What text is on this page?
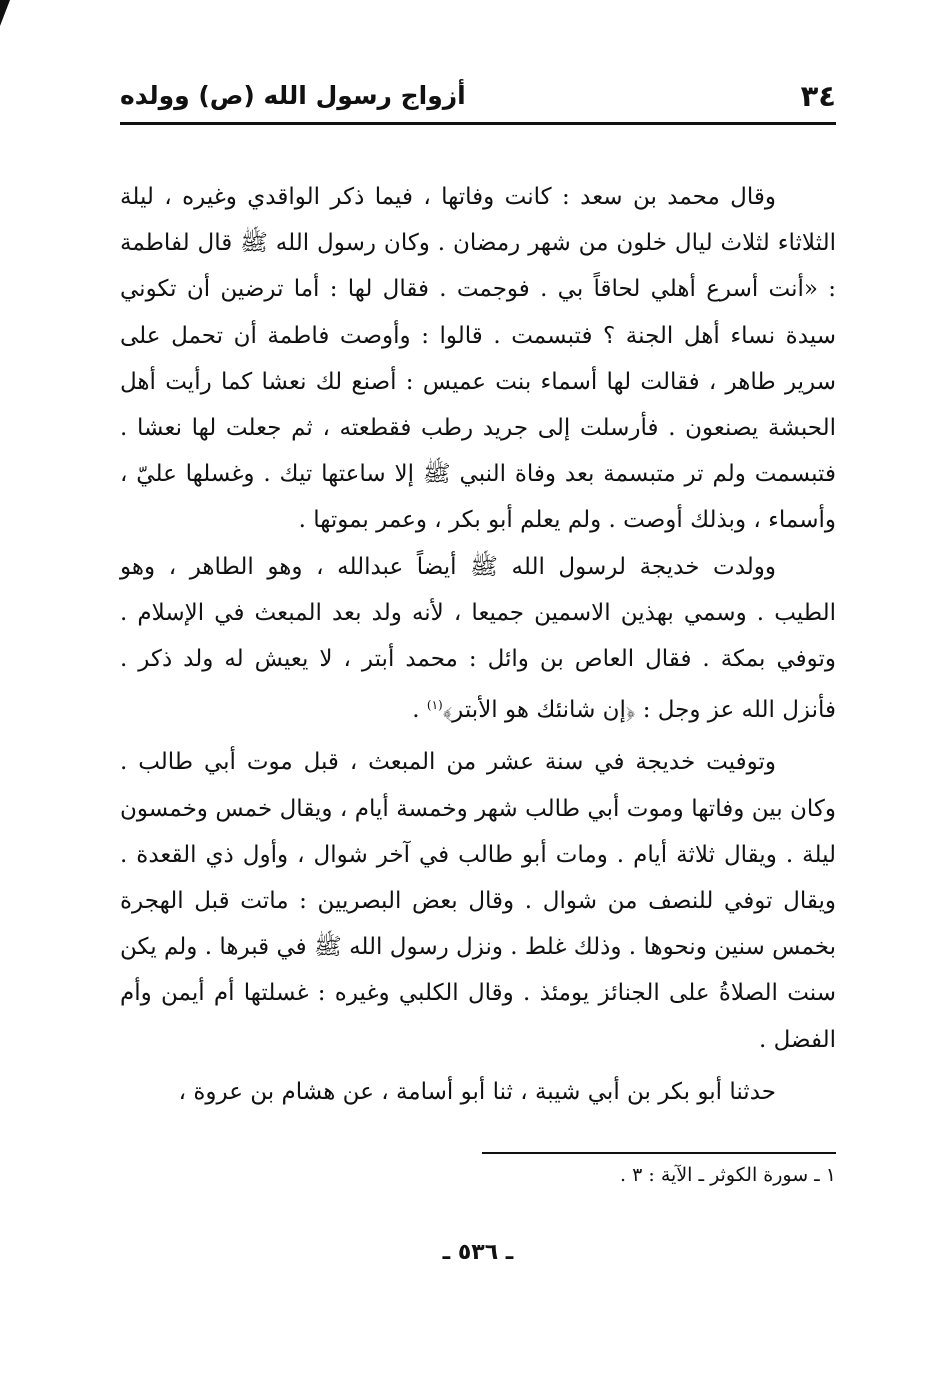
٣٤
أزواج رسول الله (ص) وولده

وقال محمد بن سعد : كانت وفاتها ، فيما ذكر الواقدي وغيره ، ليلة الثلاثاء لثلاث ليال خلون من شهر رمضان . وكان رسول الله ﷺ قال لفاطمة : «أنت أسرع أهلي لحاقاً بي . فوجمت . فقال لها : أما ترضين أن تكوني سيدة نساء أهل الجنة ؟ فتبسمت . قالوا : وأوصت فاطمة أن تحمل على سرير طاهر ، فقالت لها أسماء بنت عميس : أصنع لك نعشا كما رأيت أهل الحبشة يصنعون . فأرسلت إلى جريد رطب فقطعته ، ثم جعلت لها نعشا . فتبسمت ولم تر متبسمة بعد وفاة النبي ﷺ إلا ساعتها تيك . وغسلها عليّ ، وأسماء ، وبذلك أوصت . ولم يعلم أبو بكر ، وعمر بموتها .

وولدت خديجة لرسول الله ﷺ أيضاً عبدالله ، وهو الطاهر ، وهو الطيب . وسمي بهذين الاسمين جميعا ، لأنه ولد بعد المبعث في الإسلام . وتوفي بمكة . فقال العاص بن وائل : محمد أبتر ، لا يعيش له ولد ذكر . فأنزل الله عز وجل : ﴿إن شانئك هو الأبتر﴾$^{(١)}$ .

وتوفيت خديجة في سنة عشر من المبعث ، قبل موت أبي طالب . وكان بين وفاتها وموت أبي طالب شهر وخمسة أيام ، ويقال خمس وخمسون ليلة . ويقال ثلاثة أيام . ومات أبو طالب في آخر شوال ، وأول ذي القعدة . ويقال توفي للنصف من شوال . وقال بعض البصريين : ماتت قبل الهجرة بخمس سنين ونحوها . وذلك غلط . ونزل رسول الله ﷺ في قبرها . ولم يكن سنت الصلاةُ على الجنائز يومئذ . وقال الكلبي وغيره : غسلتها أم أيمن وأم الفضل .

حدثنا أبو بكر بن أبي شيبة ، ثنا أبو أسامة ، عن هشام بن عروة ،

١ ـ سورة الكوثر ـ الآية : ٣ .
ـ ٥٣٦ ـ
